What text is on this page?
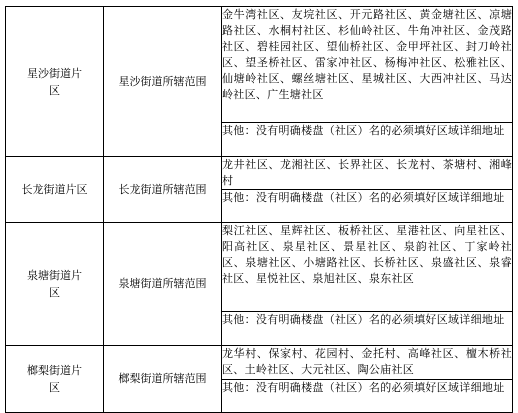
星沙街道片区	星沙街道所辖范围	金牛湾社区、友垸社区、开元路社区、黄金塘社区、凉塘路社区、水桐村社区、杉仙岭社区、牛角冲社区、金茂路社区、碧桂园社区、望仙桥社区、金甲坪社区、封刀岭社区、望圣桥社区、雷家冲社区、杨梅冲社区、松雅社区、仙塘岭社区、螺丝塘社区、星城社区、大西冲社区、马达岭社区、广生塘社区
		其他：没有明确楼盘（社区）名的必须填好区域详细地址
长龙街道片区	长龙街道所辖范围	龙井社区、龙湘社区、长界社区、长龙村、茶塘村、湘峰村
		其他：没有明确楼盘（社区）名的必须填好区域详细地址
泉塘街道片区	泉塘街道所辖范围	梨江社区、星辉社区、板桥社区、星港社区、向星社区、阳高社区、泉星社区、景星社区、泉韵社区、丁家岭社区、泉塘社区、小塘路社区、长桥社区、泉盛社区、泉睿社区、星悦社区、泉旭社区、泉东社区
		其他：没有明确楼盘（社区）名的必须填好区域详细地址
榔梨街道片区	榔梨街道所辖范围	龙华村、保家村、花园村、金托村、高峰社区、檀木桥社区、土岭社区、大元社区、陶公庙社区
		其他：没有明确楼盘（社区）名的必须填好区域详细地址
